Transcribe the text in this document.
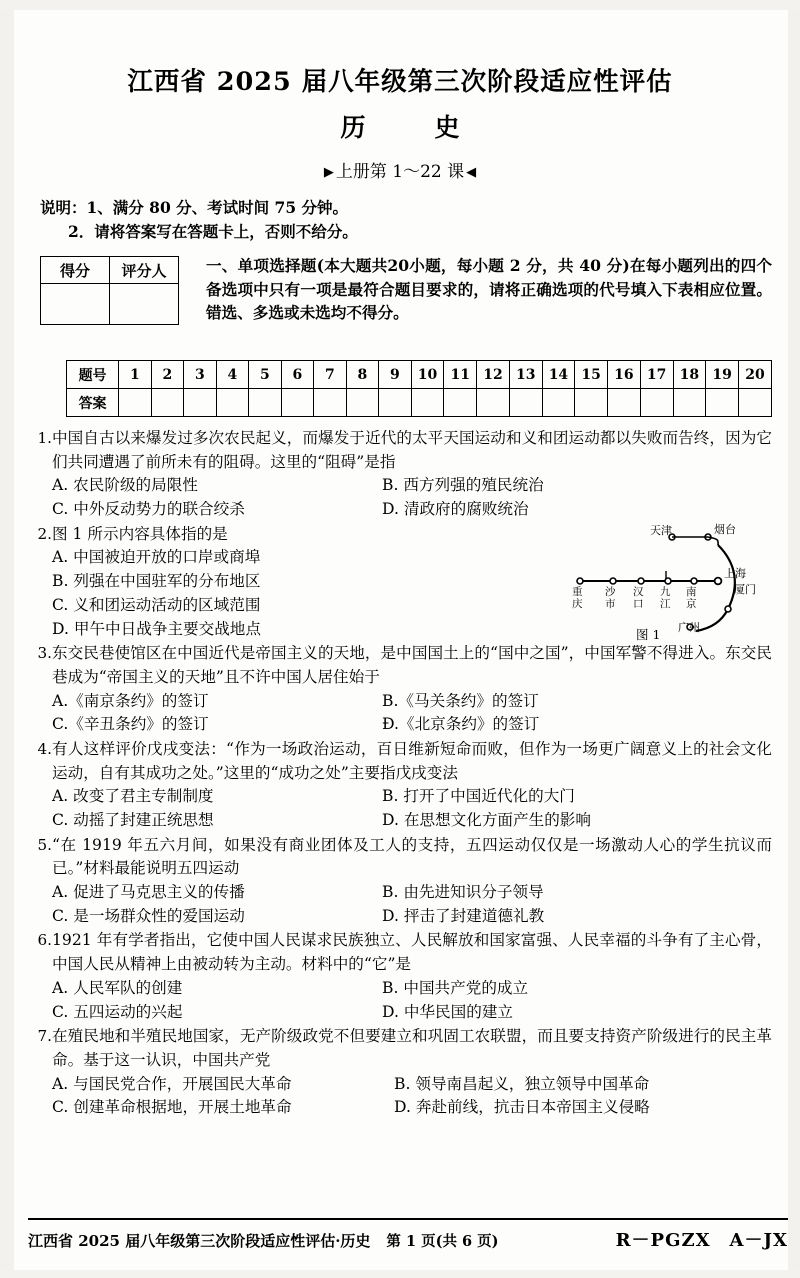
江西省 2025 届八年级第三次阶段适应性评估
历　史
▶ 上册第 1～22 课 ◀
说明：1、满分 80 分、考试时间 75 分钟。
2．请将答案写在答题卡上，否则不给分。
得分	评分人
		一、单项选择题(本大题共20小题，每小题 2 分，共 40 分)在每小题列出的四个备选项中只有一项是最符合题目要求的，请将正确选项的代号填入下表相应位置。错选、多选或未选均不得分。
题号	1	2	3	4	5	6	7	8	9	10	11	12	13	14	15	16	17	18	19	20
答案																				
1. 中国自古以来爆发过多次农民起义，而爆发于近代的太平天国运动和义和团运动都以失败而告终，因为它们共同遭遇了前所未有的阻碍。这里的“阻碍”是指
A. 农民阶级的局限性
C. 中外反动势力的联合绞杀
B. 西方列强的殖民统治
D. 清政府的腐败统治
2. 图 1 所示内容具体指的是
A. 中国被迫开放的口岸或商埠
B. 列强在中国驻军的分布地区
C. 义和团运动活动的区域范围
D. 甲午中日战争主要交战地点
天津	烟台
上海
厦门
广州
重
庆
沙
市
汉
口
九
江
南
京
图 1
3. 东交民巷使馆区在中国近代是帝国主义的天地，是中国国土上的“国中之国”，中国军警不得进入。东交民巷成为“帝国主义的天地”且不许中国人居住始于
A.《南京条约》的签订
C.《辛丑条约》的签订
B.《马关条约》的签订
Ð.《北京条约》的签订
4. 有人这样评价戊戌变法：“作为一场政治运动，百日维新短命而败，但作为一场更广阔意义上的社会文化运动，自有其成功之处。”这里的“成功之处”主要指戊戌变法
A. 改变了君主专制制度
C. 动摇了封建正统思想
B. 打开了中国近代化的大门
D. 在思想文化方面产生的影响
5. “在 1919 年五六月间，如果没有商业团体及工人的支持，五四运动仅仅是一场激动人心的学生抗议而已。”材料最能说明五四运动
A. 促进了马克思主义的传播
C. 是一场群众性的爱国运动
B. 由先进知识分子领导
D. 抨击了封建道德礼教
6. 1921 年有学者指出，它使中国人民谋求民族独立、人民解放和国家富强、人民幸福的斗争有了主心骨，中国人民从精神上由被动转为主动。材料中的“它”是
A. 人民军队的创建
C. 五四运动的兴起
B. 中国共产党的成立
D. 中华民国的建立
7. 在殖民地和半殖民地国家，无产阶级政党不但要建立和巩固工农联盟，而且要支持资产阶级进行的民主革命。基于这一认识，中国共产党
A. 与国民党合作，开展国民大革命
C. 创建革命根据地，开展土地革命
B. 领导南昌起义，独立领导中国革命
D. 奔赴前线，抗击日本帝国主义侵略
江西省 2025 届八年级第三次阶段适应性评估·历史 第 1 页(共 6 页)	R－PGZX　A－JX
